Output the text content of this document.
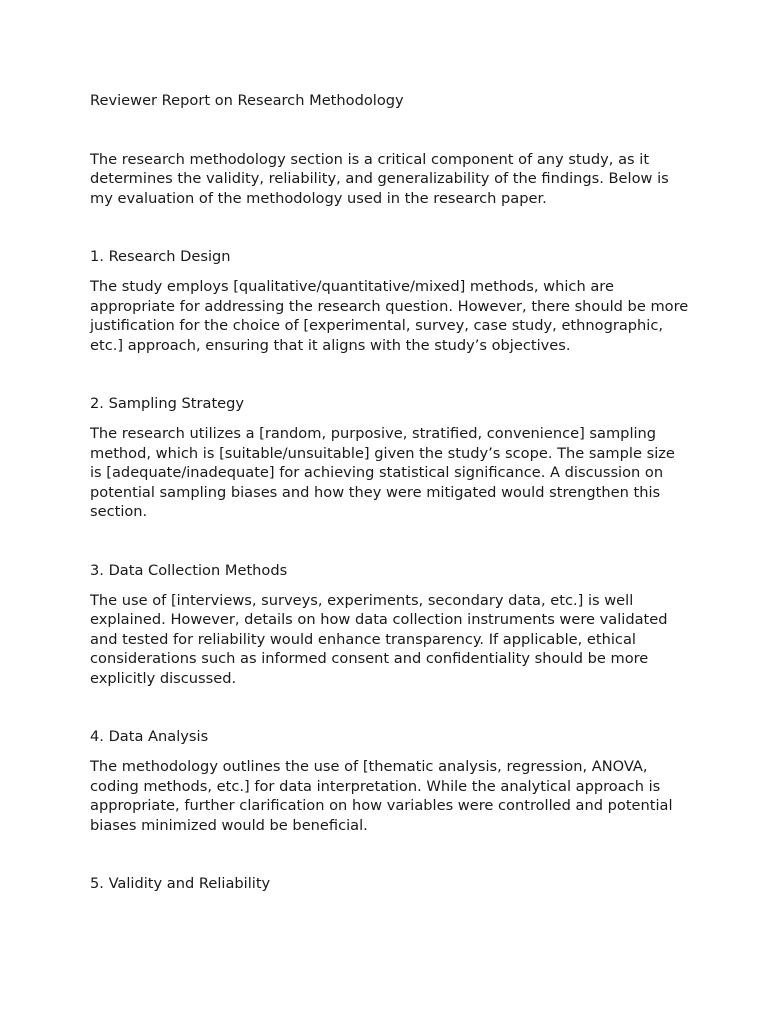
Reviewer Report on Research Methodology

The research methodology section is a critical component of any study, as it determines the validity, reliability, and generalizability of the findings. Below is my evaluation of the methodology used in the research paper.

1. Research Design

The study employs [qualitative/quantitative/mixed] methods, which are appropriate for addressing the research question. However, there should be more justification for the choice of [experimental, survey, case study, ethnographic, etc.] approach, ensuring that it aligns with the study’s objectives.

2. Sampling Strategy

The research utilizes a [random, purposive, stratified, convenience] sampling method, which is [suitable/unsuitable] given the study’s scope. The sample size is [adequate/inadequate] for achieving statistical significance. A discussion on potential sampling biases and how they were mitigated would strengthen this section.

3. Data Collection Methods

The use of [interviews, surveys, experiments, secondary data, etc.] is well explained. However, details on how data collection instruments were validated and tested for reliability would enhance transparency. If applicable, ethical considerations such as informed consent and confidentiality should be more explicitly discussed.

4. Data Analysis

The methodology outlines the use of [thematic analysis, regression, ANOVA, coding methods, etc.] for data interpretation. While the analytical approach is appropriate, further clarification on how variables were controlled and potential biases minimized would be beneficial.

5. Validity and Reliability
